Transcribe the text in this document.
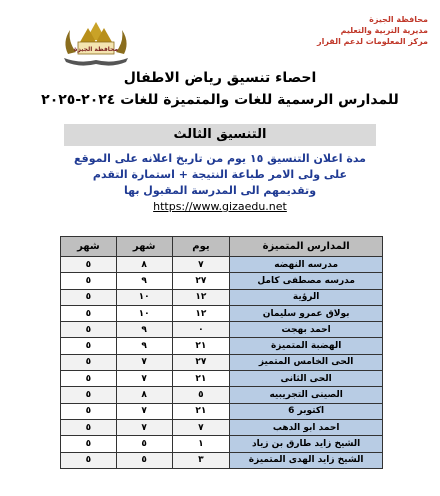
محافظة الجيزة
مديرية التربية والتعليم
مركز المعلومات لدعم القرار
محافظة الجيزة
احصاء تنسيق رياض الاطفال
للمدارس الرسمية للغات والمتميزة للغات ٢٠٢٤-٢٠٢٥
التنسيق الثالث
مدة اعلان التنسيق ١٥ يوم من تاريخ اعلانه على الموقع
على ولى الامر طباعة النتيجة + استمارة التقدم
وتقديمهم الى المدرسة المقبول بها
https://www.gizaedu.net
المدارس المتميزة	يوم	شهر	شهر
مدرسه النهضه	٧	٨	٥
مدرسه مصطفى كامل	٢٧	٩	٥
الرؤية	١٢	١٠	٥
بولاق عمرو سليمان	١٢	١٠	٥
احمد بهجت	٠	٩	٥
الهضبة المتميزة	٢١	٩	٥
الحى الخامس المتميز	٢٧	٧	٥
الحى الثانى	٢١	٧	٥
الصينى التجريبيه	٥	٨	٥
اكتوبر 6	٢١	٧	٥
احمد ابو الدهب	٧	٧	٥
الشيخ زايد طارق بن زياد	١	٥	٥
الشيخ زايد الهدى المتميزة	٣	٥	٥
